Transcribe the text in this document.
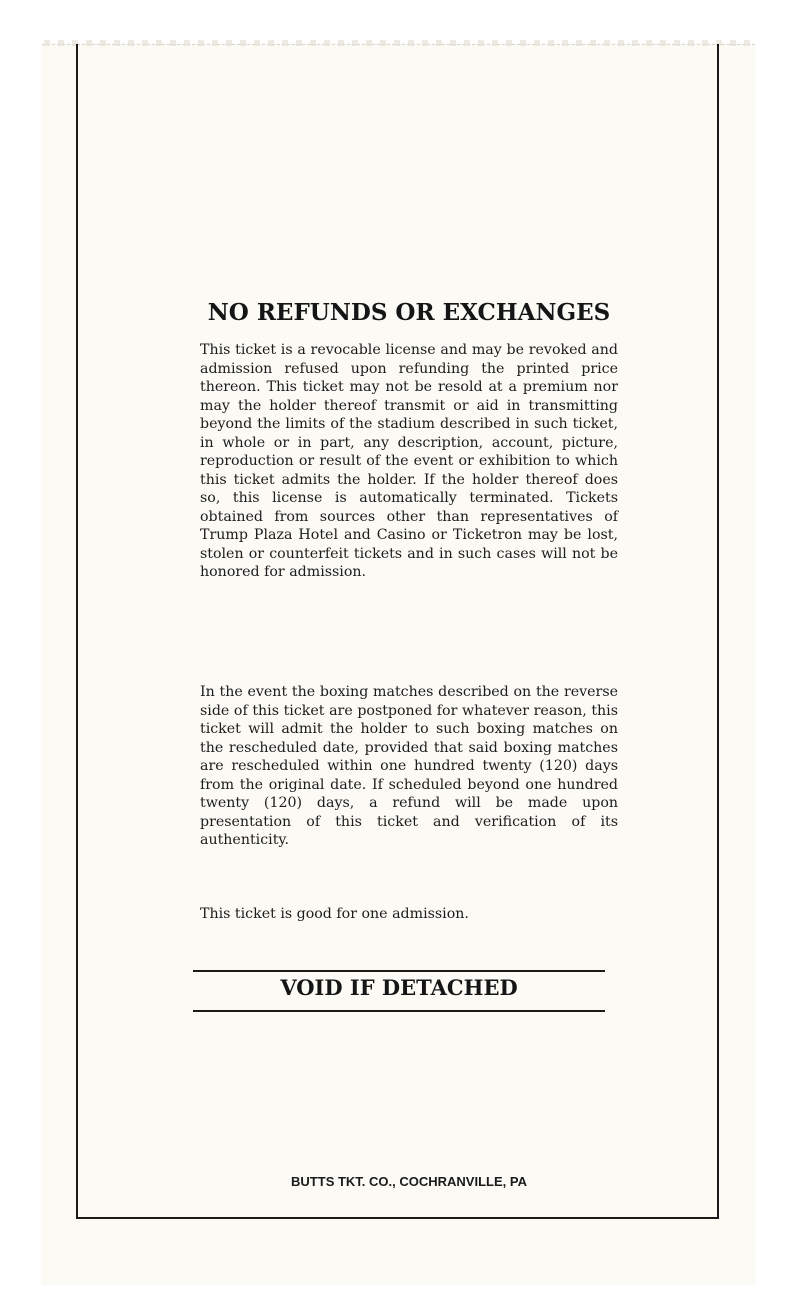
NO REFUNDS OR EXCHANGES

This ticket is a revocable license and may be revoked and admission refused upon refunding the printed price thereon. This ticket may not be resold at a premium nor may the holder thereof transmit or aid in transmitting beyond the limits of the stadium described in such ticket, in whole or in part, any description, account, picture, reproduction or result of the event or exhibition to which this ticket admits the holder. If the holder thereof does so, this license is automatically terminated. Tickets obtained from sources other than representatives of Trump Plaza Hotel and Casino or Ticketron may be lost, stolen or counterfeit tickets and in such cases will not be honored for admission.

In the event the boxing matches described on the reverse side of this ticket are postponed for whatever reason, this ticket will admit the holder to such boxing matches on the rescheduled date, provided that said boxing matches are rescheduled within one hundred twenty (120) days from the original date. If scheduled beyond one hundred twenty (120) days, a refund will be made upon presentation of this ticket and verification of its authenticity.

This ticket is good for one admission.

VOID IF DETACHED

BUTTS TKT. CO., COCHRANVILLE, PA
